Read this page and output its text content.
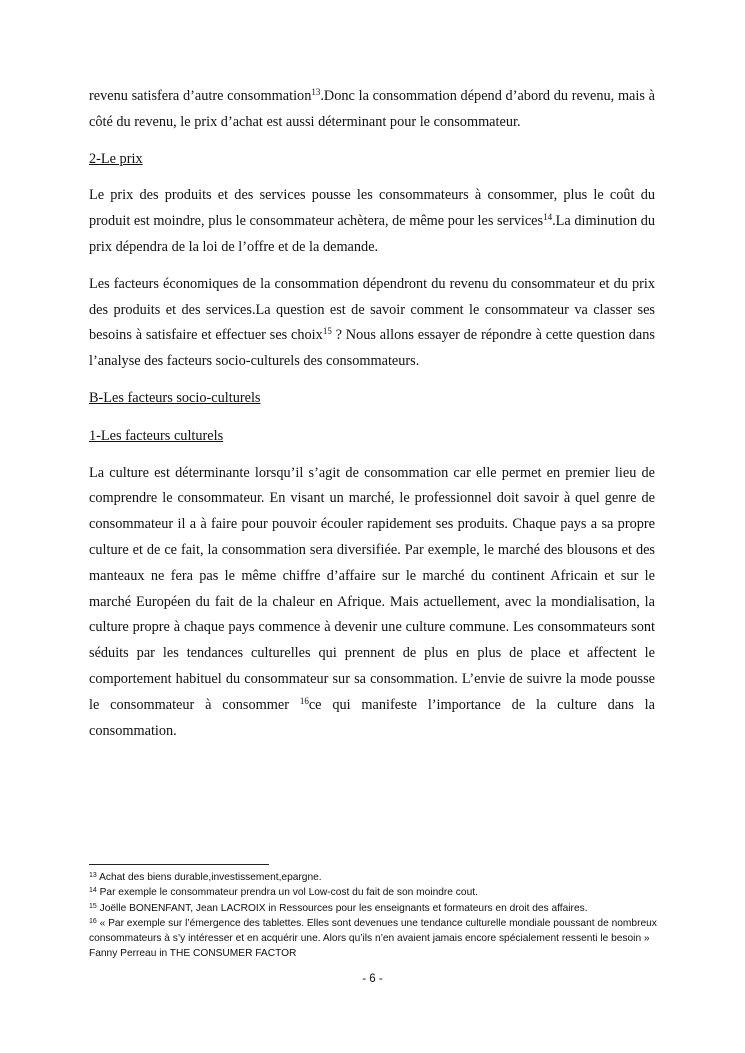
revenu satisfera d’autre consommation$^{13}$.Donc la consommation dépend d’abord du revenu, mais à côté du revenu, le prix d’achat est aussi déterminant pour le consommateur.

2-Le prix

Le prix des produits et des services pousse les consommateurs à consommer, plus le coût du produit est moindre, plus le consommateur achètera, de même pour les services$^{14}$.La diminution du prix dépendra de la loi de l’offre et de la demande.

Les facteurs économiques de la consommation dépendront du revenu du consommateur et du prix des produits et des services.La question est de savoir comment le consommateur va classer ses besoins à satisfaire et effectuer ses choix$^{15}$ ? Nous allons essayer de répondre à cette question dans l’analyse des facteurs socio-culturels des consommateurs.

B-Les facteurs socio-culturels

1-Les facteurs culturels

La culture est déterminante lorsqu’il s’agit de consommation car elle permet en premier lieu de comprendre le consommateur. En visant un marché, le professionnel doit savoir à quel genre de consommateur il a à faire pour pouvoir écouler rapidement ses produits. Chaque pays a sa propre culture et de ce fait, la consommation sera diversifiée. Par exemple, le marché des blousons et des manteaux ne fera pas le même chiffre d’affaire sur le marché du continent Africain et sur le marché Européen du fait de la chaleur en Afrique. Mais actuellement, avec la mondialisation, la culture propre à chaque pays commence à devenir une culture commune. Les consommateurs sont séduits par les tendances culturelles qui prennent de plus en plus de place et affectent le comportement habituel du consommateur sur sa consommation. L’envie de suivre la mode pousse le consommateur à consommer $^{16}$ce qui manifeste l’importance de la culture dans la consommation.

$^{13}$ Achat des biens durable,investissement,epargne.

$^{14}$ Par exemple le consommateur prendra un vol Low-cost du fait de son moindre cout.

$^{15}$ Joëlle BONENFANT, Jean LACROIX in Ressources pour les enseignants et formateurs en droit des affaires.

$^{16}$ « Par exemple sur l’émergence des tablettes. Elles sont devenues une tendance culturelle mondiale poussant de nombreux consommateurs à s’y intéresser et en acquérir une. Alors qu’ils n’en avaient jamais encore spécialement ressenti le besoin » Fanny Perreau in THE CONSUMER FACTOR

- 6 -
